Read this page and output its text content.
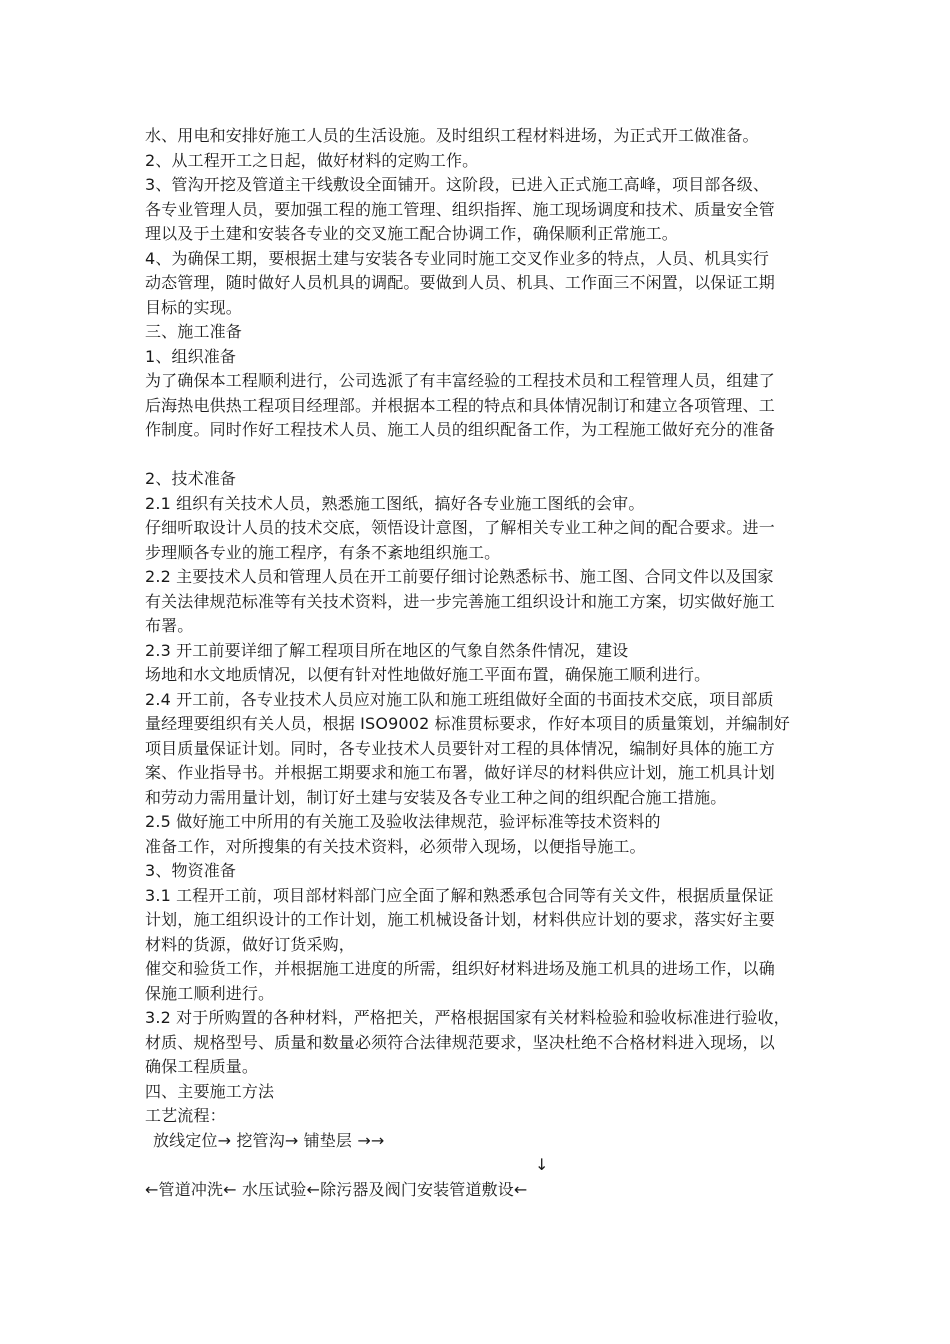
水、用电和安排好施工人员的生活设施。及时组织工程材料进场，为正式开工做准备。
2、从工程开工之日起，做好材料的定购工作。
3、管沟开挖及管道主干线敷设全面铺开。这阶段，已进入正式施工高峰，项目部各级、
各专业管理人员，要加强工程的施工管理、组织指挥、施工现场调度和技术、质量安全管
理以及于土建和安装各专业的交叉施工配合协调工作，确保顺利正常施工。
4、为确保工期，要根据土建与安装各专业同时施工交叉作业多的特点，人员、机具实行
动态管理，随时做好人员机具的调配。要做到人员、机具、工作面三不闲置，以保证工期
目标的实现。
三、施工准备
1、组织准备
为了确保本工程顺利进行，公司选派了有丰富经验的工程技术员和工程管理人员，组建了
后海热电供热工程项目经理部。并根据本工程的特点和具体情况制订和建立各项管理、工
作制度。同时作好工程技术人员、施工人员的组织配备工作，为工程施工做好充分的准备
2、技术准备
2.1 组织有关技术人员，熟悉施工图纸，搞好各专业施工图纸的会审。
仔细听取设计人员的技术交底，领悟设计意图，了解相关专业工种之间的配合要求。进一
步理顺各专业的施工程序，有条不紊地组织施工。
2.2 主要技术人员和管理人员在开工前要仔细讨论熟悉标书、施工图、合同文件以及国家
有关法律规范标准等有关技术资料，进一步完善施工组织设计和施工方案，切实做好施工
布署。
2.3 开工前要详细了解工程项目所在地区的气象自然条件情况，建设
场地和水文地质情况，以便有针对性地做好施工平面布置，确保施工顺利进行。
2.4 开工前，各专业技术人员应对施工队和施工班组做好全面的书面技术交底，项目部质
量经理要组织有关人员，根据 ISO9002 标准贯标要求，作好本项目的质量策划，并编制好
项目质量保证计划。同时，各专业技术人员要针对工程的具体情况，编制好具体的施工方
案、作业指导书。并根据工期要求和施工布署，做好详尽的材料供应计划，施工机具计划
和劳动力需用量计划，制订好土建与安装及各专业工种之间的组织配合施工措施。
2.5 做好施工中所用的有关施工及验收法律规范，验评标准等技术资料的
准备工作，对所搜集的有关技术资料，必须带入现场，以便指导施工。
3、物资准备
3.1 工程开工前，项目部材料部门应全面了解和熟悉承包合同等有关文件，根据质量保证
计划，施工组织设计的工作计划，施工机械设备计划，材料供应计划的要求，落实好主要
材料的货源，做好订货采购，
催交和验货工作，并根据施工进度的所需，组织好材料进场及施工机具的进场工作，以确
保施工顺利进行。
3.2 对于所购置的各种材料，严格把关，严格根据国家有关材料检验和验收标准进行验收，
材质、规格型号、质量和数量必须符合法律规范要求，坚决杜绝不合格材料进入现场，以
确保工程质量。
四、主要施工方法
工艺流程：
放线定位→ 挖管沟→ 铺垫层 →→
↓
←管道冲洗← 水压试验←除污器及阀门安装管道敷设←
